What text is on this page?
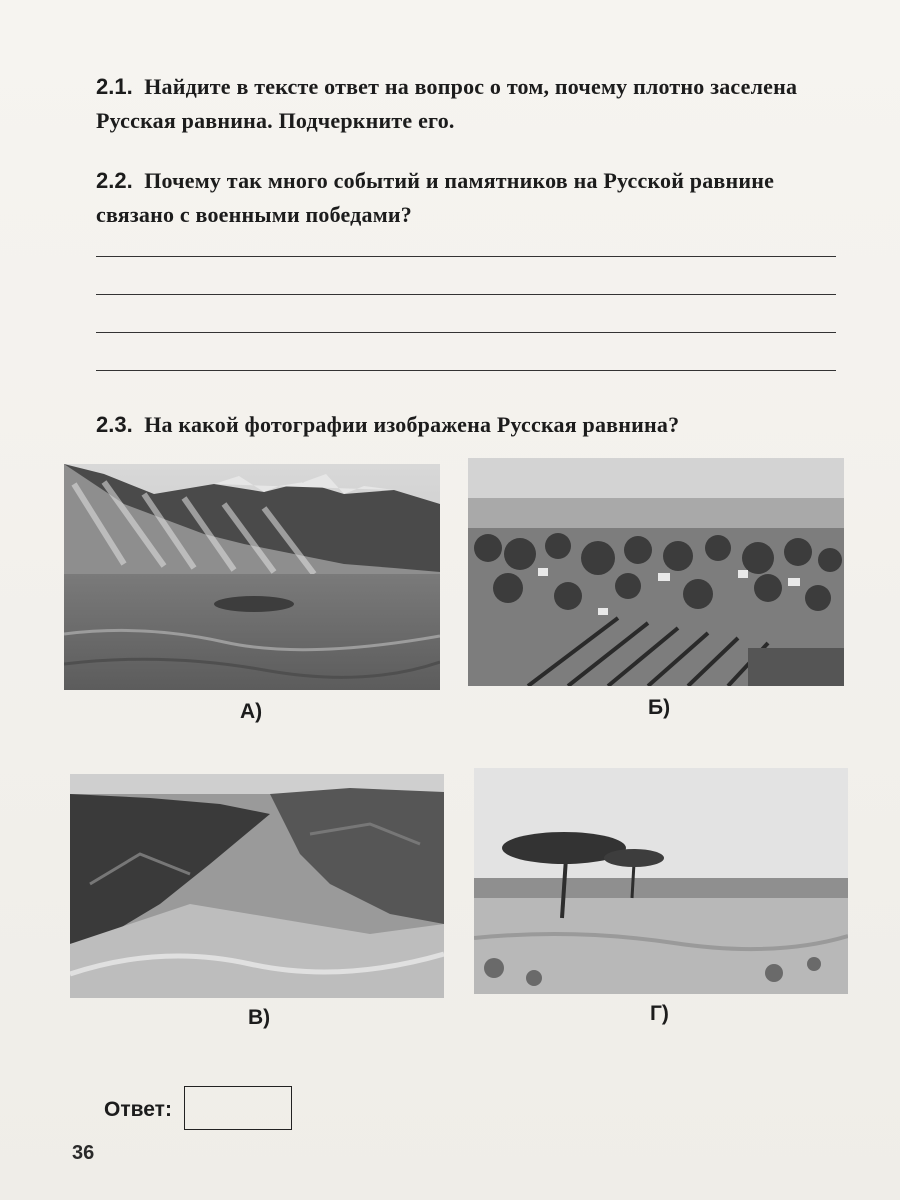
2.1. Найдите в тексте ответ на вопрос о том, почему плотно заселена Русская равнина. Подчеркните его.
2.2. Почему так много событий и памятников на Русской равнине связано с военными победами?
2.3. На какой фотографии изображена Русская равнина?
А)	Б)
В)	Г)
Ответ:
36
